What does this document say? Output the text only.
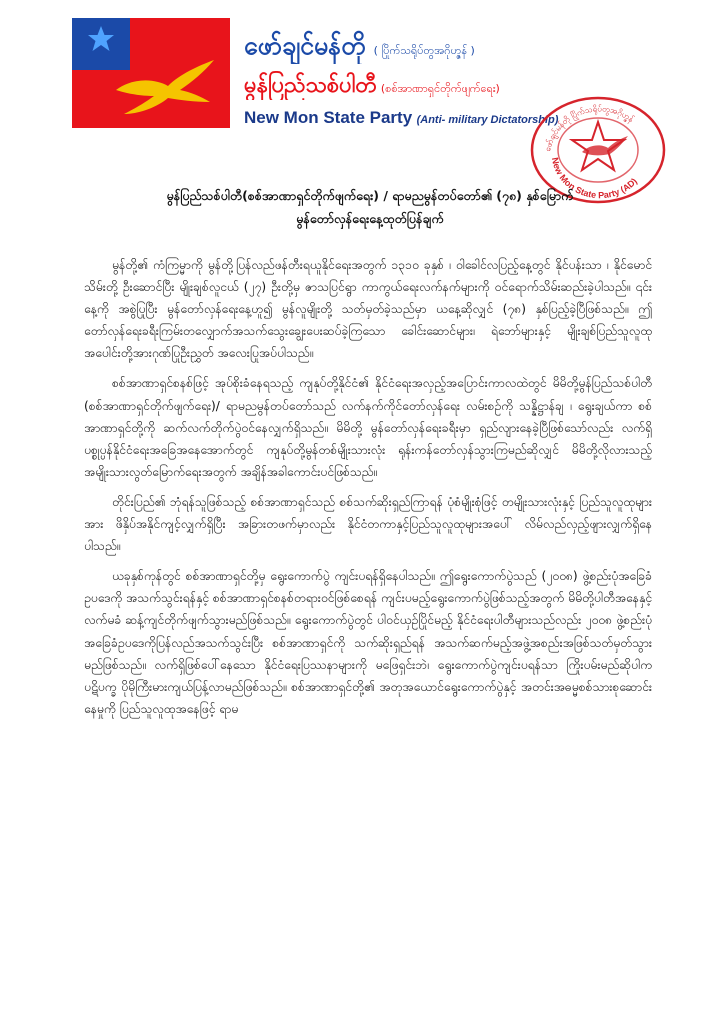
ဖော်ချင်မန်တို ( ပြိုက်သရိုပ်တွအဂိုဟ္ဇန် )
မွန်ပြည်သစ်ပါတီ (စစ်အာဏာရှင်တိုက်ဖျက်ရေး)
New Mon State Party (Anti- military Dictatorship)
ဖော်ချင်မန်တို ပြိုက်သရိုပ်တွအဂိုဟ္ဇန်
New Mon State Party (AD)
မွန်ပြည်သစ်ပါတီ(စစ်အာဏာရှင်တိုက်ဖျက်ရေး) / ရာမညမွန်တပ်တော်၏ (၇၈) နှစ်မြောက်
မွန်တော်လှန်ရေးနေ့ထုတ်ပြန်ချက်

မွန်တို့၏ ကံကြမ္မာကို မွန်တို့ပြန်လည်ဖန်တီးရယူနိုင်ရေးအတွက် ၁၃၁၀ ခုနှစ် ၊ ဝါခေါင်လပြည့်နေ့တွင် နိုင်ပန်းသာ ၊ နိုင်မောင်သိမ်းတို့ ဦးဆောင်ပြီး မျိုးချစ်လူငယ် (၂၇) ဦးတို့မှ ဇာသပြင်ရွာ ကာကွယ်ရေးလက်နက်များကို ဝင်ရောက်သိမ်းဆည်းခဲ့ပါသည်။ ၎င်းနေ့ကို အစွဲပြုပြီး မွန်တော်လှန်ရေးနေ့ဟူ၍ မွန်လူမျိုးတို့ သတ်မှတ်ခဲ့သည်မှာ ယနေ့ဆိုလျှင် (၇၈) နှစ်ပြည့်ခဲ့ပြီဖြစ်သည်။ ဤတော်လှန်ရေးခရီးကြမ်းတလျှောက်အသက်သွေးချွေးပေးဆပ်ခဲ့ကြသော ခေါင်းဆောင်များ၊ ရဲဘော်များနှင့် မျိုးချစ်ပြည်သူလူထုအပေါင်းတို့အားဂုဏ်ပြုဦးညွှတ် အလေးပြုအပ်ပါသည်။

စစ်အာဏာရှင်စနစ်ဖြင့် အုပ်စိုးခံနေရသည့် ကျနုပ်တို့နိုင်ငံ၏ နိုင်ငံရေးအလှည့်အပြောင်းကာလထဲတွင် မိမိတို့မွန်ပြည်သစ်ပါတီ (စစ်အာဏာရှင်တိုက်ဖျက်ရေး)/ ရာမညမွန်တပ်တော်သည် လက်နက်ကိုင်တော်လှန်ရေး လမ်းစဥ်ကို သန္နိဋ္ဌာန်ချ ၊ ရွေးချယ်ကာ စစ်အာဏာရှင်တို့ကို ဆက်လက်တိုက်ပွဲဝင်နေလျှက်ရှိသည်။ မိမိတို့ မွန်တော်လှန်ရေးခရီးမှာ ရှည်လျားနေခဲ့ပြီဖြစ်သော်လည်း လက်ရှိပစ္စုပ္ပန်နိုင်ငံရေးအခြေအနေအောက်တွင် ကျနုပ်တို့မွန်တစ်မျိုးသားလုံး ရုန်းကန်တော်လှန်သွားကြမည်ဆိုလျှင် မိမိတို့လိုလားသည့်အမျိုးသားလွတ်မြောက်ရေးအတွက် အချိန်အခါကောင်းပင်ဖြစ်သည်။

တိုင်းပြည်၏ ဘုံရန်သူဖြစ်သည့် စစ်အာဏာရှင်သည် စစ်သက်ဆိုးရှည်ကြာရန် ပုံစံမျိုးစုံဖြင့် တမျိုးသားလုံးနှင့် ပြည်သူလူထုများအား ဖိနှိပ်အနိုင်ကျင့်လျှက်ရှိပြီး အခြားတဖက်မှာလည်း နိုင်ငံတကာနှင့်ပြည်သူလူထုများအပေါ် လိမ်လည်လှည့်ဖျားလျှက်ရှိနေပါသည်။

ယခုနှစ်ကုန်တွင် စစ်အာဏာရှင်တို့မှ ရွေးကောက်ပွဲ ကျင်းပရန်ရှိနေပါသည်။ ဤရွေးကောက်ပွဲသည် (၂၀၀၈) ဖွဲ့စည်းပုံအခြေခံဥပဒေကို အသက်သွင်းရန်နှင့် စစ်အာဏာရှင်စနစ်တရားဝင်ဖြစ်စေရန် ကျင်းပမည့်ရွေးကောက်ပွဲဖြစ်သည့်အတွက် မိမိတို့ပါတီအနေနှင့် လက်မခံ ဆန့်ကျင်တိုက်ဖျက်သွားမည်ဖြစ်သည်။ ရွေးကောက်ပွဲတွင် ပါဝင်ယှဥ်ပြိုင်မည့် နိုင်ငံရေးပါတီများသည်လည်း ၂၀၀၈ ဖွဲ့စည်းပုံအခြေခံဥပဒေကိုပြန်လည်အသက်သွင်းပြီး စစ်အာဏာရှင်ကို သက်ဆိုးရှည်ရန် အသက်ဆက်မည့်အဖွဲ့အစည်းအဖြစ်သတ်မှတ်သွားမည်ဖြစ်သည်။ လက်ရှိဖြစ်ပေါ်နေသော နိုင်ငံရေးပြဿနာများကို မဖြေရှင်းဘဲ၊ ရွေးကောက်ပွဲကျင်းပရန်သာ ကြိုးပမ်းမည်ဆိုပါက ပဋိပက္ခ ပိုမိုကြီးမားကျယ်ပြန့်လာမည်ဖြစ်သည်။ စစ်အာဏာရှင်တို့၏ အတုအယောင်ရွေးကောက်ပွဲနှင့် အတင်းအဓမ္မစစ်သားစုဆောင်းနေမှုကို ပြည်သူလူထုအနေဖြင့် ရာမ
